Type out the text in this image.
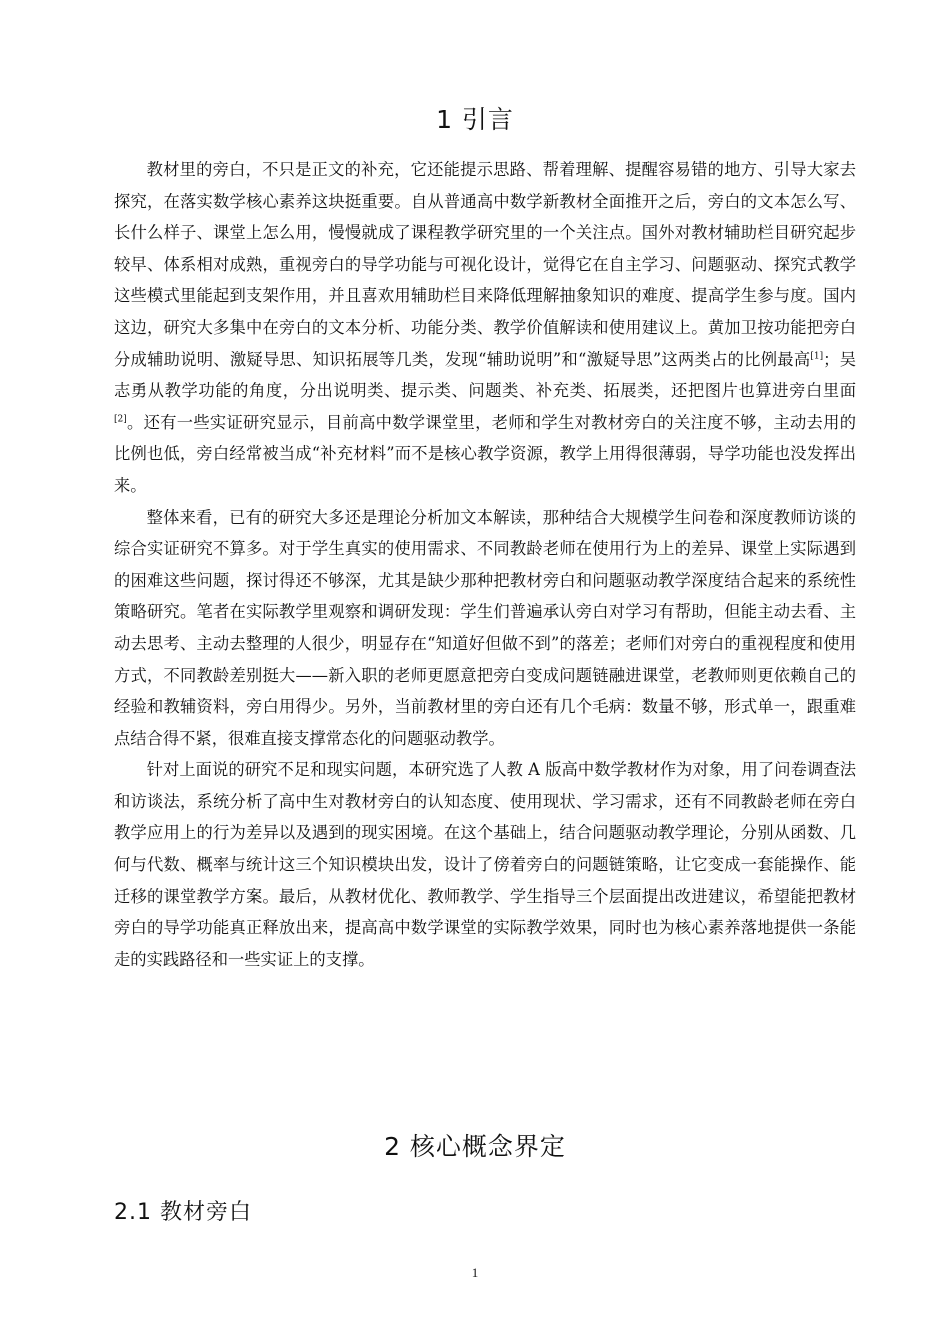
1 引言

教材里的旁白，不只是正文的补充，它还能提示思路、帮着理解、提醒容易错的地方、引导大家去探究，在落实数学核心素养这块挺重要。自从普通高中数学新教材全面推开之后，旁白的文本怎么写、长什么样子、课堂上怎么用，慢慢就成了课程教学研究里的一个关注点。国外对教材辅助栏目研究起步较早、体系相对成熟，重视旁白的导学功能与可视化设计，觉得它在自主学习、问题驱动、探究式教学这些模式里能起到支架作用，并且喜欢用辅助栏目来降低理解抽象知识的难度、提高学生参与度。国内这边，研究大多集中在旁白的文本分析、功能分类、教学价值解读和使用建议上。黄加卫按功能把旁白分成辅助说明、激疑导思、知识拓展等几类，发现“辅助说明”和“激疑导思”这两类占的比例最高[1]；吴志勇从教学功能的角度，分出说明类、提示类、问题类、补充类、拓展类，还把图片也算进旁白里面[2]。还有一些实证研究显示，目前高中数学课堂里，老师和学生对教材旁白的关注度不够，主动去用的比例也低，旁白经常被当成“补充材料”而不是核心教学资源，教学上用得很薄弱，导学功能也没发挥出来。

整体来看，已有的研究大多还是理论分析加文本解读，那种结合大规模学生问卷和深度教师访谈的综合实证研究不算多。对于学生真实的使用需求、不同教龄老师在使用行为上的差异、课堂上实际遇到的困难这些问题，探讨得还不够深，尤其是缺少那种把教材旁白和问题驱动教学深度结合起来的系统性策略研究。笔者在实际教学里观察和调研发现：学生们普遍承认旁白对学习有帮助，但能主动去看、主动去思考、主动去整理的人很少，明显存在“知道好但做不到”的落差；老师们对旁白的重视程度和使用方式，不同教龄差别挺大——新入职的老师更愿意把旁白变成问题链融进课堂，老教师则更依赖自己的经验和教辅资料，旁白用得少。另外，当前教材里的旁白还有几个毛病：数量不够，形式单一，跟重难点结合得不紧，很难直接支撑常态化的问题驱动教学。

针对上面说的研究不足和现实问题，本研究选了人教 A 版高中数学教材作为对象，用了问卷调查法和访谈法，系统分析了高中生对教材旁白的认知态度、使用现状、学习需求，还有不同教龄老师在旁白教学应用上的行为差异以及遇到的现实困境。在这个基础上，结合问题驱动教学理论，分别从函数、几何与代数、概率与统计这三个知识模块出发，设计了傍着旁白的问题链策略，让它变成一套能操作、能迁移的课堂教学方案。最后，从教材优化、教师教学、学生指导三个层面提出改进建议，希望能把教材旁白的导学功能真正释放出来，提高高中数学课堂的实际教学效果，同时也为核心素养落地提供一条能走的实践路径和一些实证上的支撑。

2 核心概念界定
2.1 教材旁白
1
